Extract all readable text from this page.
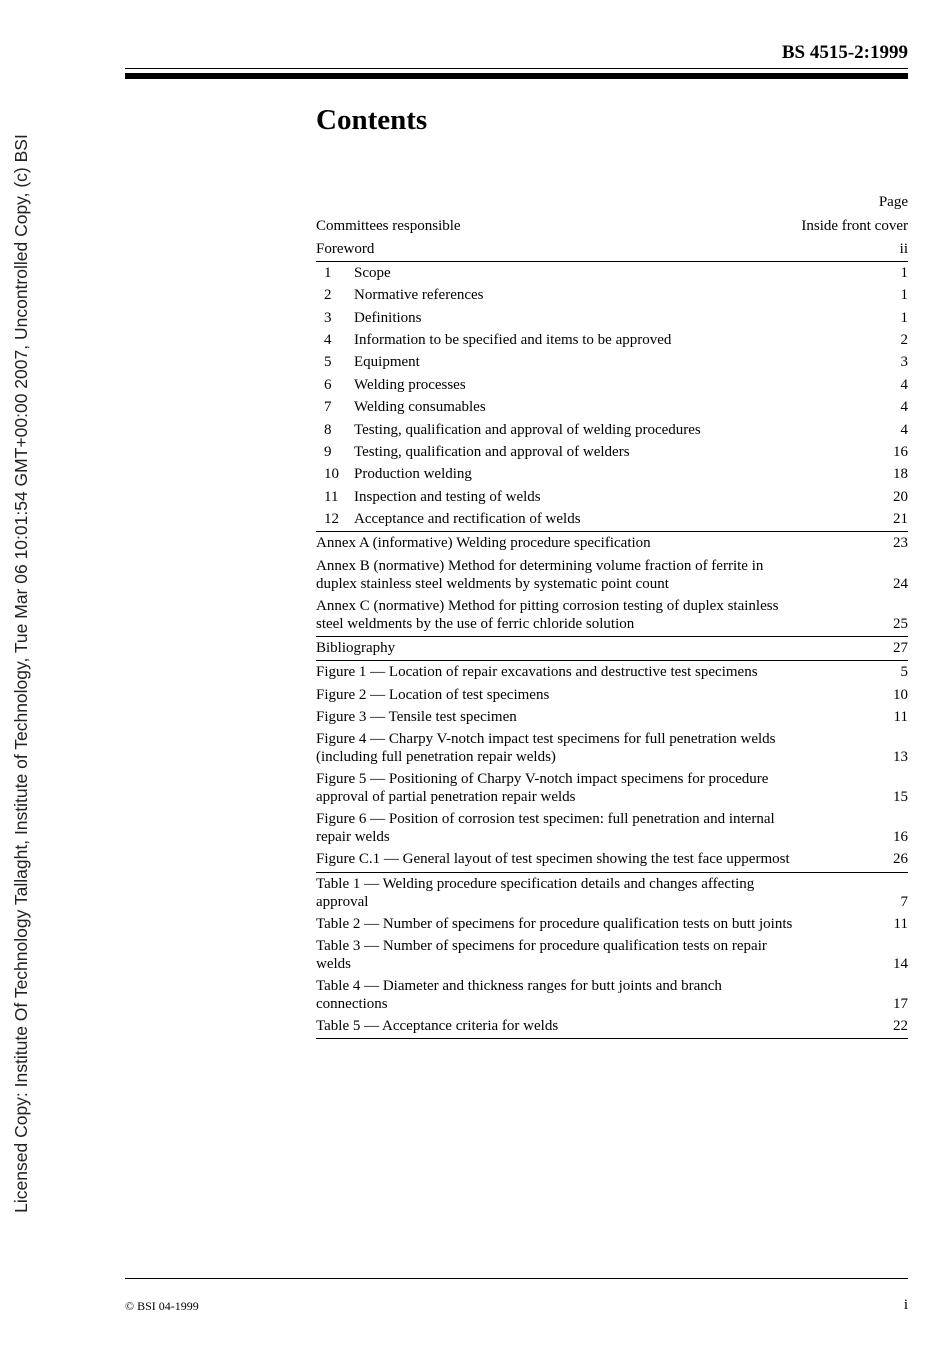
Licensed Copy: Institute Of Technology Tallaght, Institute of Technology, Tue Mar 06 10:01:54 GMT+00:00 2007, Uncontrolled Copy, (c) BSI
BS 4515-2:1999
Contents
Page
Committees responsible	Inside front cover
Foreword	ii
1	Scope	1
2	Normative references	1
3	Definitions	1
4	Information to be specified and items to be approved	2
5	Equipment	3
6	Welding processes	4
7	Welding consumables	4
8	Testing, qualification and approval of welding procedures	4
9	Testing, qualification and approval of welders	16
10	Production welding	18
11	Inspection and testing of welds	20
12	Acceptance and rectification of welds	21
Annex A (informative) Welding procedure specification	23
Annex B (normative) Method for determining volume fraction of ferrite in
duplex stainless steel weldments by systematic point count	24
Annex C (normative) Method for pitting corrosion testing of duplex stainless
steel weldments by the use of ferric chloride solution	25
Bibliography	27
Figure 1 — Location of repair excavations and destructive test specimens	5
Figure 2 — Location of test specimens	10
Figure 3 — Tensile test specimen	11
Figure 4 — Charpy V-notch impact test specimens for full penetration welds
(including full penetration repair welds)	13
Figure 5 — Positioning of Charpy V-notch impact specimens for procedure
approval of partial penetration repair welds	15
Figure 6 — Position of corrosion test specimen: full penetration and internal
repair welds	16
Figure C.1 — General layout of test specimen showing the test face uppermost	26
Table 1 — Welding procedure specification details and changes affecting
approval	7
Table 2 — Number of specimens for procedure qualification tests on butt joints	11
Table 3 — Number of specimens for procedure qualification tests on repair
welds	14
Table 4 — Diameter and thickness ranges for butt joints and branch
connections	17
Table 5 — Acceptance criteria for welds	22
© BSI 04-1999	i
